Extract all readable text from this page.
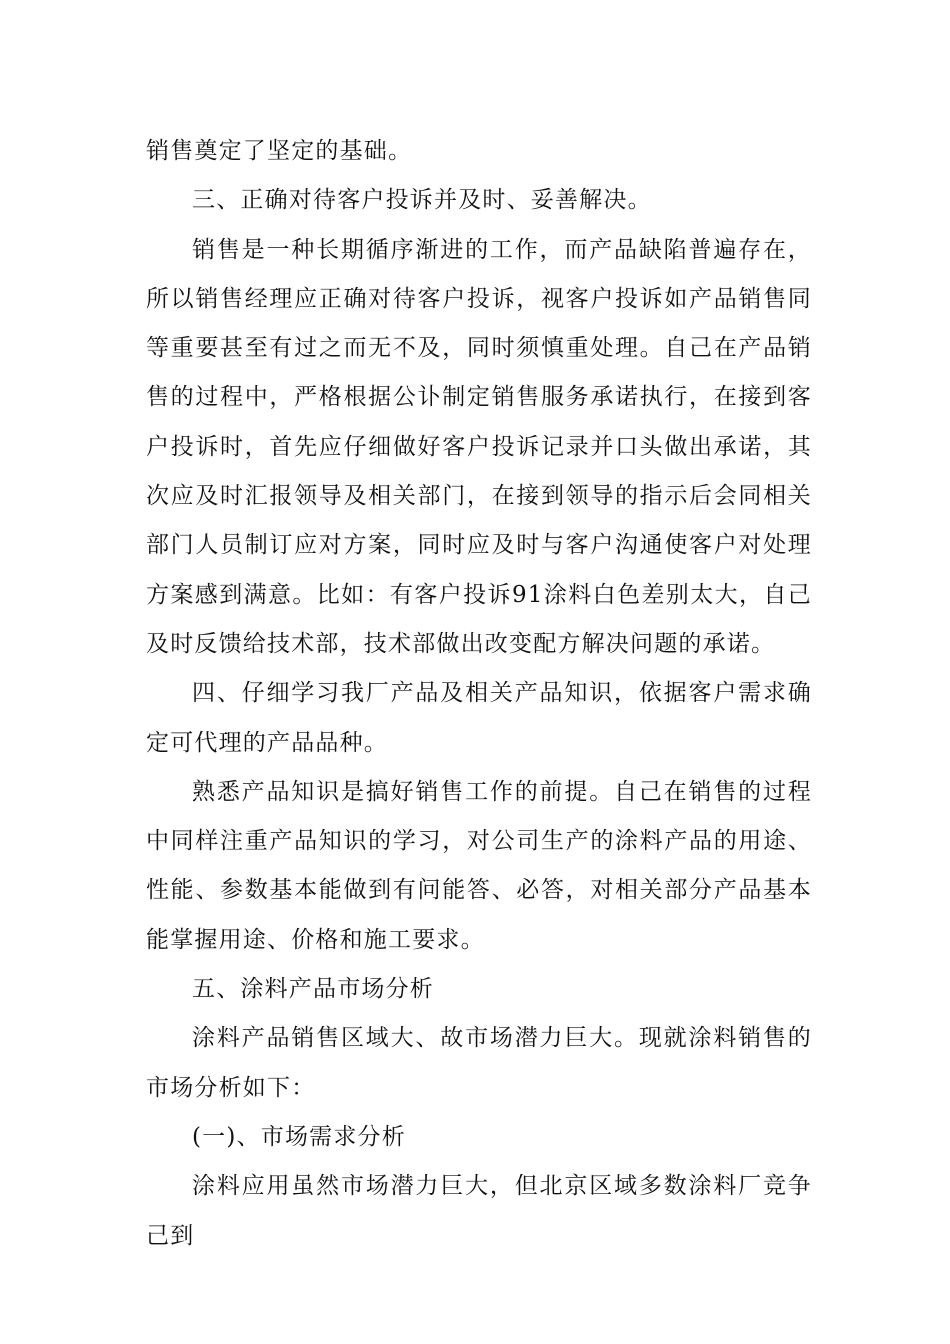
销售奠定了坚定的基础。

三、正确对待客户投诉并及时、妥善解决。

销售是一种长期循序渐进的工作，而产品缺陷普遍存在，所以销售经理应正确对待客户投诉，视客户投诉如产品销售同等重要甚至有过之而无不及，同时须慎重处理。自己在产品销售的过程中，严格根据公讣制定销售服务承诺执行，在接到客户投诉时，首先应仔细做好客户投诉记录并口头做出承诺，其次应及时汇报领导及相关部门，在接到领导的指示后会同相关部门人员制订应对方案，同时应及时与客户沟通使客户对处理方案感到满意。比如：有客户投诉91涂料白色差别太大，自己及时反馈给技术部，技术部做出改变配方解决问题的承诺。

四、仔细学习我厂产品及相关产品知识，依据客户需求确定可代理的产品品种。

熟悉产品知识是搞好销售工作的前提。自己在销售的过程中同样注重产品知识的学习，对公司生产的涂料产品的用途、性能、参数基本能做到有问能答、必答，对相关部分产品基本能掌握用途、价格和施工要求。

五、涂料产品市场分析

涂料产品销售区域大、故市场潜力巨大。现就涂料销售的市场分析如下：

(一)、市场需求分析

涂料应用虽然市场潜力巨大，但北京区域多数涂料厂竞争己到
